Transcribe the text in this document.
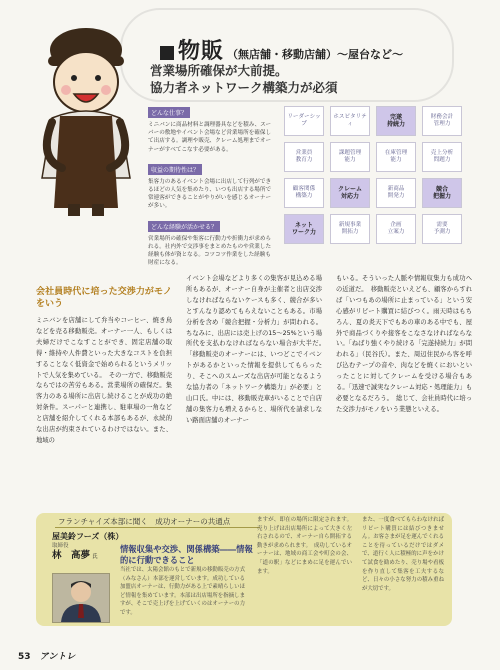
物販 （無店舗・移動店舗）〜屋台など〜
営業場所確保が大前提。
協力者ネットワーク構築力が必須
どんな仕事？
ミニバンに商品材料と調理器具などを積み、スーパーの敷地やイベント会場など営業場所を確保して出店する。調理や販売、クレーム処理までオーナーがすべてこなす必要がある。
収益の期待性は？
集客力のあるイベント会場に出店して行列ができるほどの人気を集めたり、いつも出店する場所で常連客ができることがやりがいを感じるオーナーが多い。
どんな経験が活かせる？
営業場所の確保や集客に行動力や折衝力が求められる。社内外で交渉事をまとめたものや営業した経験も体が資となる。コツコツ作業をした経験も財産になる。
リーダーシップ
ホスピタリティ
完遂
持続力
財務会計
管理力
営業員
教育力
課題管理
能力
在庫管理
能力
売上分析
問題力
顧客関係
構築力
クレーム
対応力
新商品
開発力
競合
把握力
ネット
ワーク力
新規事業
開拓力
企画
立案力
需要
予測力
会社員時代に培った交渉力がモノをいう
ミニバンを店舗にして弁当やコーヒー、焼き鳥などを売る移動販売。オーナー一人、もしくは夫婦だけでこなすことができ、固定店舗の取得・維持や人件費といった大きなコストを負担することなく低資金で始められるというメリットで人気を集めている。　その一方で、移動販売ならではの苦労もある。営業場所の確保だ。集客力のある場所に出店し続けることが成功の絶対条件。スーパーと連携し、駐車場の一角などと店舗を紹介してくれる本部もあるが、永続的な出店が約束されているわけではない。また、地域の
イベント会場などより多くの集客が見込める場所もあるが、オーナー自身が主催者と出店交渉しなければならないケースも多く、競合が多いとすんなり認めてもらえないこともある。市場分析を含め「競合把握・分析力」が問われる。ちなみに、出店には売上げの15〜25%という場所代を支払わなければならない場合が大半だ。　「移動販売のオーナーには、いつどこでイベントがあるかといった情報を提供してもらったり、そこへのスムーズな出店が可能となるような協力者の「ネットワーク構築力」が必要」と山口氏。中には、移動販売車がいることで自店舗の集客力も増えるからと、場所代を請求しない路面店舗のオーナー
もいる。そういった人脈や情報収集力も成功への近道だ。　移動販売といえども、顧客からすれば「いつもあの場所に止まっている」という安心感がリピート購買に結びつく。雨天時はもちろん、夏の炎天下でもあの車のある中でも、屋外で商品づくりや接客をこなさなければならない。「ねばり強くやり続ける「完遂持続力」が問われる」（民谷氏）。また、周辺住民から客を呼び込むテープの音や、肉などを焼くにおいといったことに対してクレームを受ける場合もある。「迅速で誠実なクレーム対応・処理能力」も必要となるだろう。　総じて、会社員時代に培った交渉力がモノをいう業態といえる。
フランチャイズ本部に聞く　成功オーナーの共通点
屋美鈴フーズ（株）
取締役
林　高夢 氏
情報収集や交渉、関係構築――情報的に行動できること
当社では、太陽会館のもとで新規の移動販売の方式（みなさん）本部を運営しています。成功している加盟店オーナーは、行動力がある上で素晴らしいほど情報を集めています。本部は出店場所を指摘しますが、そこで売上げを上げていくのはオーナーの力です。
ますが、即在の場所に限定されます。売り上げは出店場所によって大きく左右されるので、オーナー自ら開拓する動きが求められます。　成功しているオーナーは、地域の商工会や町会の会、「道の駅」などにまめに足を運んでいます。
また、一度食べてもらわなければリピート購買には結びつきません。お客さまが足を運んでくれることを待っているだけではダメで、道行く人に積極的に声をかけて試食を勧めたり、売り場や看板を作り直して集客を工夫するなど、日々の小さな努力の積み重ねが大切です。
53 アントレ
